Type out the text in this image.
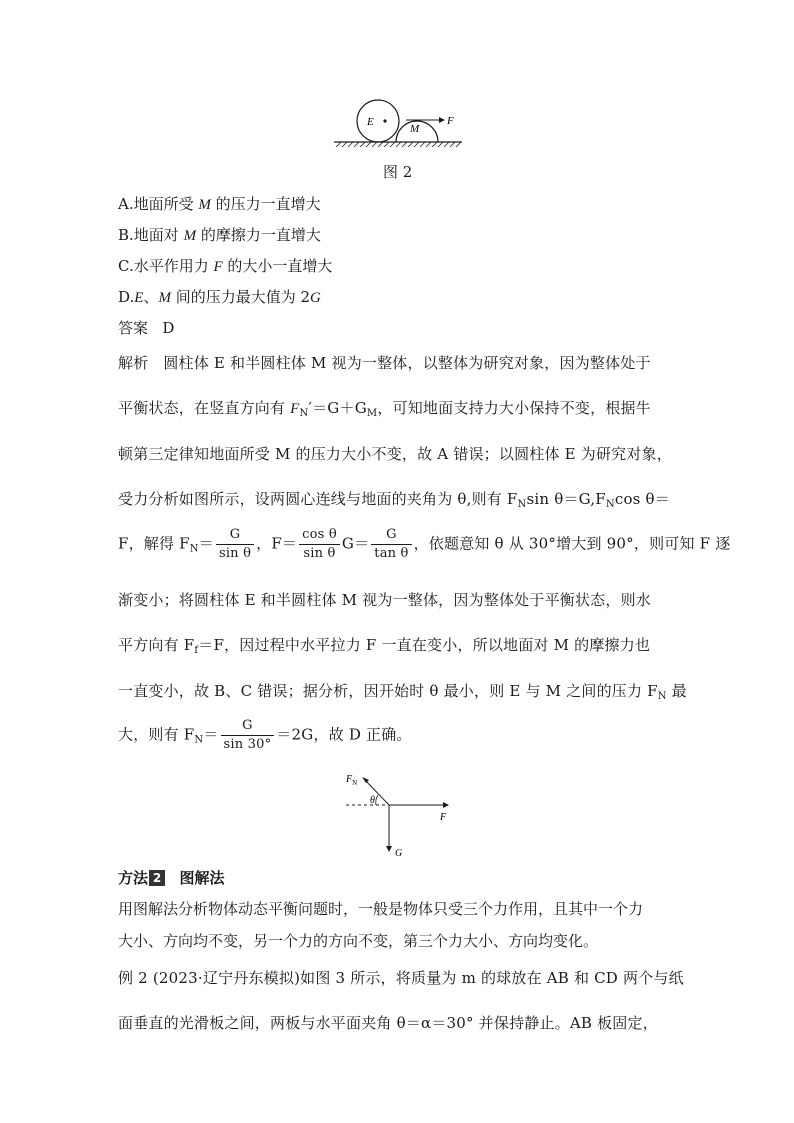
E
M
F
图 2
A.地面所受 M 的压力一直增大
B.地面对 M 的摩擦力一直增大
C.水平作用力 F 的大小一直增大
D.E、M 间的压力最大值为 2G
答案 D
解析 圆柱体 E 和半圆柱体 M 视为一整体，以整体为研究对象，因为整体处于
平衡状态，在竖直方向有 $F_N'=G+G_M$，可知地面支持力大小保持不变，根据牛
顿第三定律知地面所受 M 的压力大小不变，故 A 错误；以圆柱体 E 为研究对象，
受力分析如图所示，设两圆心连线与地面的夹角为 θ,则有 $F_N\sin$ $\theta=G,F_N\cos$ θ＝
F，解得 $F_N= \frac{G}{\text{sin θ}}$ ，$F= \frac{\text{cos θ}}{\text{sin θ}} G= \frac{G}{\text{tan θ}}$ ，依题意知 θ 从 30°增大到 90°，则可知 F 逐
渐变小；将圆柱体 E 和半圆柱体 M 视为一整体，因为整体处于平衡状态，则水
平方向有 $F_f=F$，因过程中水平拉力 F 一直在变小，所以地面对 M 的摩擦力也
一直变小，故 B、C 错误；据分析，因开始时 θ 最小，则 E 与 M 之间的压力 $F_N$ 最
大，则有 $F_N= \frac{G}{\sin 30^\circ} =2G$，故 D 正确。
$F_N$
θ
F
G
方法 2 图解法
用图解法分析物体动态平衡问题时，一般是物体只受三个力作用，且其中一个力
大小、方向均不变，另一个力的方向不变，第三个力大小、方向均变化。
例 2 (2023·辽宁丹东模拟)如图 3 所示，将质量为 m 的球放在 AB 和 CD 两个与纸
面垂直的光滑板之间，两板与水平面夹角 θ＝α＝30° 并保持静止。AB 板固定，
